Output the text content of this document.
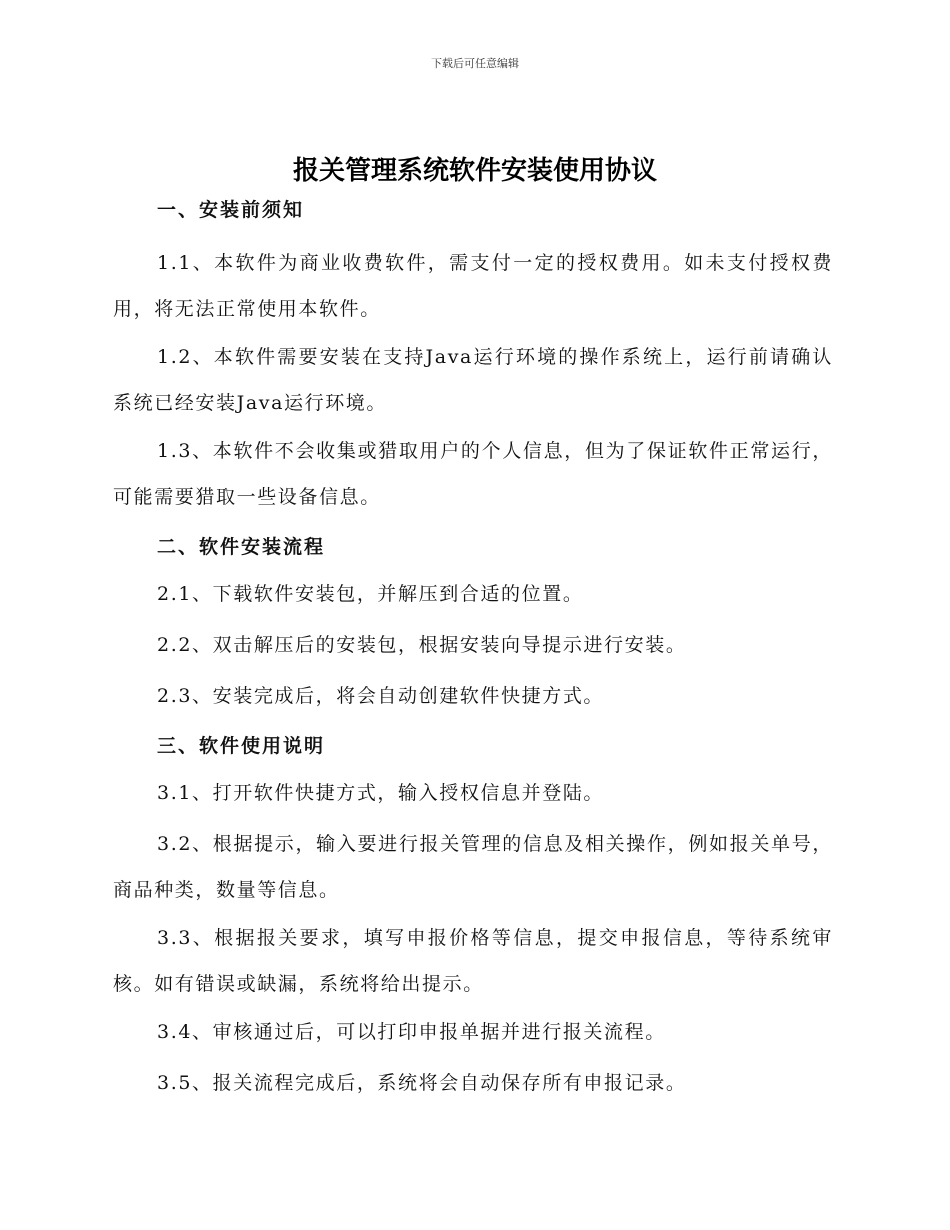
下载后可任意编辑
报关管理系统软件安装使用协议
一、安装前须知
1.1、本软件为商业收费软件，需支付一定的授权费用。如未支付授权费用，将无法正常使用本软件。
1.2、本软件需要安装在支持Java运行环境的操作系统上，运行前请确认系统已经安装Java运行环境。
1.3、本软件不会收集或猎取用户的个人信息，但为了保证软件正常运行，可能需要猎取一些设备信息。
二、软件安装流程
2.1、下载软件安装包，并解压到合适的位置。
2.2、双击解压后的安装包，根据安装向导提示进行安装。
2.3、安装完成后，将会自动创建软件快捷方式。
三、软件使用说明
3.1、打开软件快捷方式，输入授权信息并登陆。
3.2、根据提示，输入要进行报关管理的信息及相关操作，例如报关单号，商品种类，数量等信息。
3.3、根据报关要求，填写申报价格等信息，提交申报信息，等待系统审核。如有错误或缺漏，系统将给出提示。
3.4、审核通过后，可以打印申报单据并进行报关流程。
3.5、报关流程完成后，系统将会自动保存所有申报记录。
